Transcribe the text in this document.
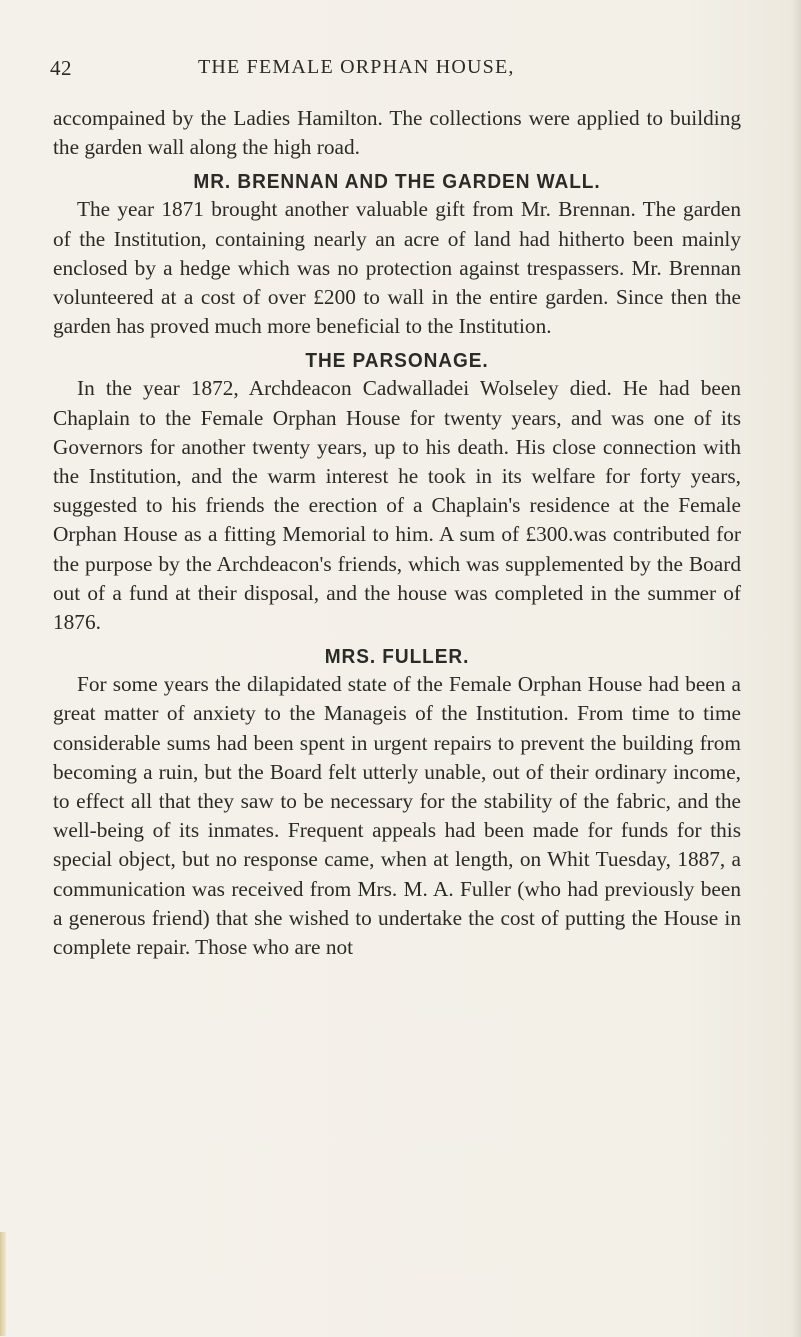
42	THE FEMALE ORPHAN HOUSE,

accompained by the Ladies Hamilton. The collections were applied to building the garden wall along the high road.

MR. BRENNAN AND THE GARDEN WALL.

The year 1871 brought another valuable gift from Mr. Brennan. The garden of the Institution, containing nearly an acre of land had hitherto been mainly enclosed by a hedge which was no protection against trespassers. Mr. Brennan volunteered at a cost of over £200 to wall in the entire garden. Since then the garden has proved much more beneficial to the Institution.

THE PARSONAGE.

In the year 1872, Archdeacon Cadwalladei Wolseley died. He had been Chaplain to the Female Orphan House for twenty years, and was one of its Governors for another twenty years, up to his death. His close connection with the Institution, and the warm interest he took in its welfare for forty years, suggested to his friends the erection of a Chaplain's residence at the Female Orphan House as a fitting Memorial to him. A sum of £300.was contributed for the purpose by the Archdeacon's friends, which was supplemented by the Board out of a fund at their disposal, and the house was completed in the summer of 1876.

MRS. FULLER.

For some years the dilapidated state of the Female Orphan House had been a great matter of anxiety to the Manageis of the Institution. From time to time considerable sums had been spent in urgent repairs to prevent the building from becoming a ruin, but the Board felt utterly unable, out of their ordinary income, to effect all that they saw to be necessary for the stability of the fabric, and the well-being of its inmates. Frequent appeals had been made for funds for this special object, but no response came, when at length, on Whit Tuesday, 1887, a communication was received from Mrs. M. A. Fuller (who had previously been a generous friend) that she wished to undertake the cost of putting the House in complete repair. Those who are not
